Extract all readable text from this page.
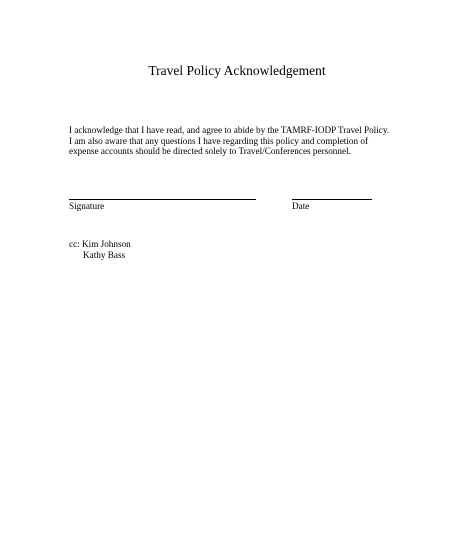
Travel Policy Acknowledgement
I acknowledge that I have read, and agree to abide by the TAMRF-IODP Travel Policy.
I am also aware that any questions I have regarding this policy and completion of
expense accounts should be directed solely to Travel/Conferences personnel.
Signature	Date
cc: Kim Johnson
Kathy Bass
